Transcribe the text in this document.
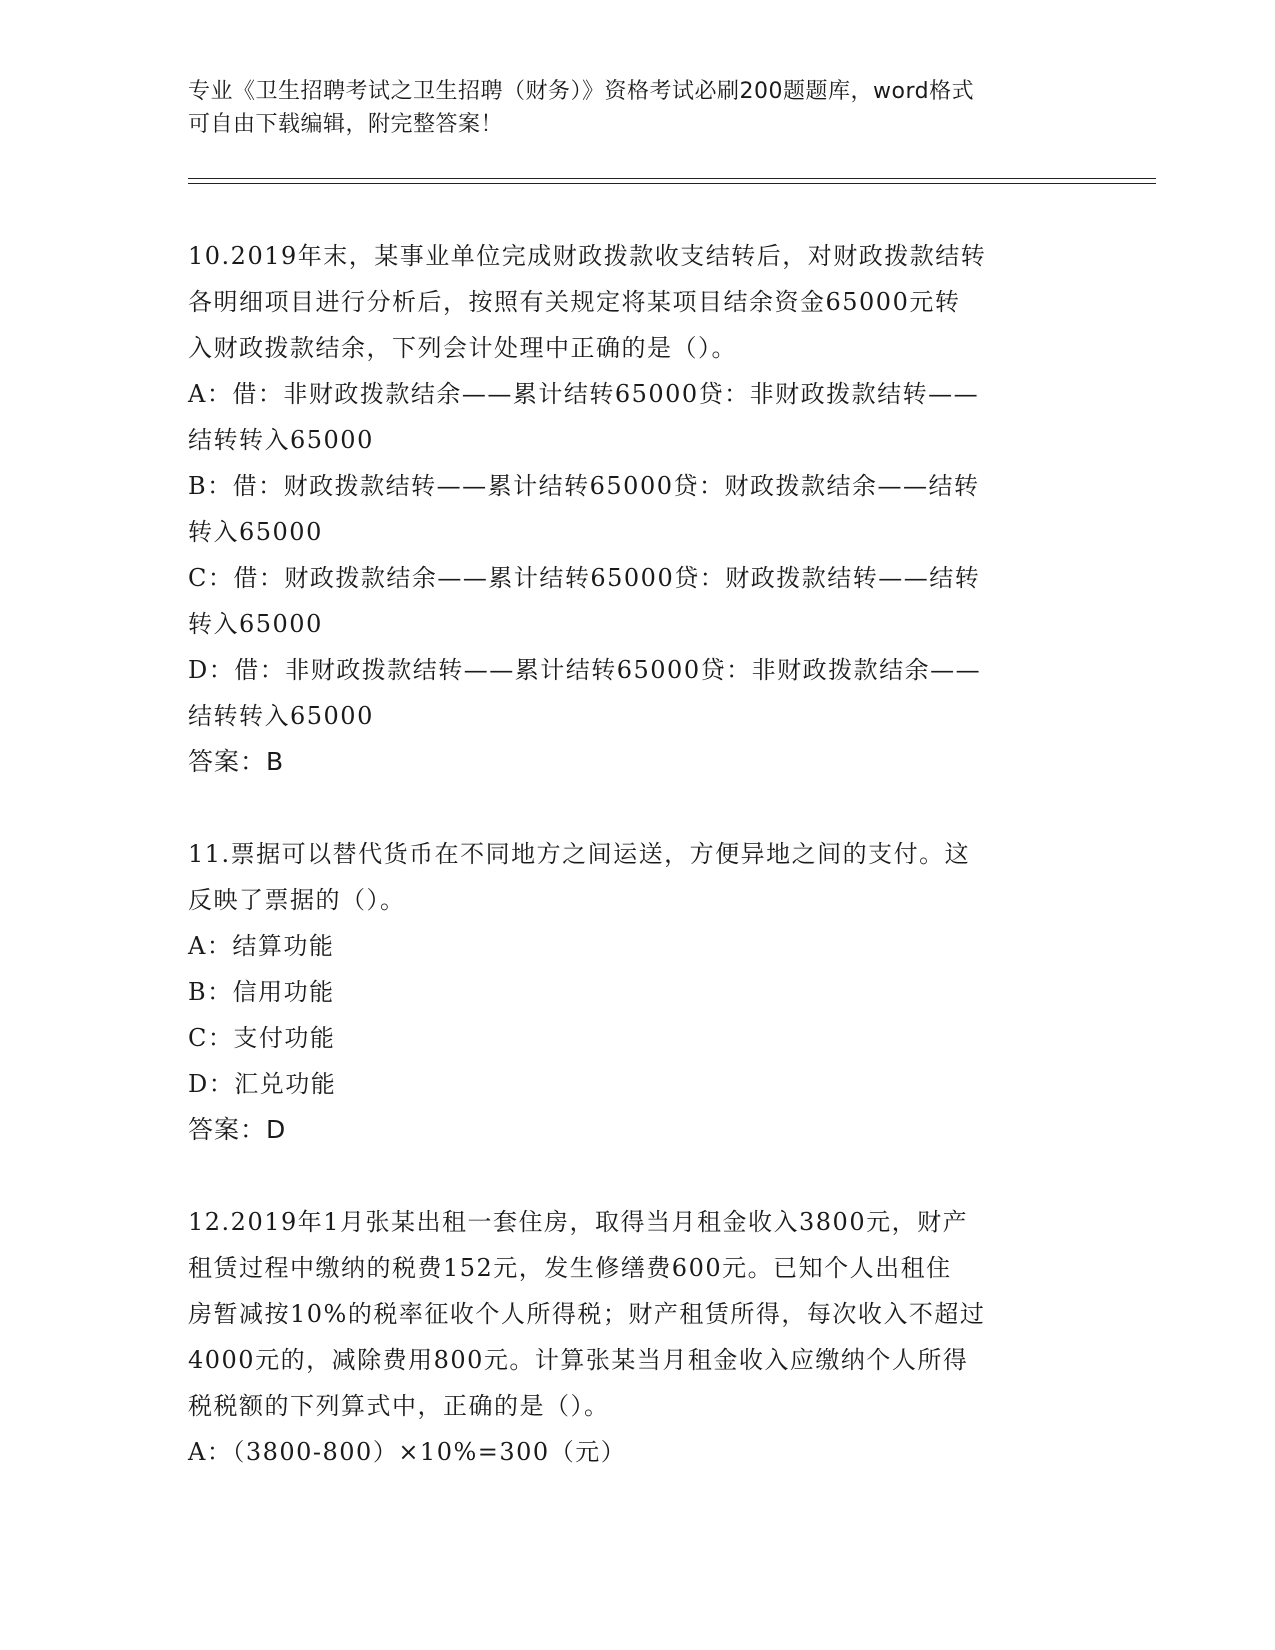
专业《卫生招聘考试之卫生招聘（财务）》资格考试必刷200题题库，word格式
可自由下载编辑，附完整答案！
10.2019年末，某事业单位完成财政拨款收支结转后，对财政拨款结转
各明细项目进行分析后，按照有关规定将某项目结余资金65000元转
入财政拨款结余，下列会计处理中正确的是（）。
A：借：非财政拨款结余——累计结转65000贷：非财政拨款结转——
结转转入65000
B：借：财政拨款结转——累计结转65000贷：财政拨款结余——结转
转入65000
C：借：财政拨款结余——累计结转65000贷：财政拨款结转——结转
转入65000
D：借：非财政拨款结转——累计结转65000贷：非财政拨款结余——
结转转入65000
答案：B
11.票据可以替代货币在不同地方之间运送，方便异地之间的支付。这
反映了票据的（）。
A：结算功能
B：信用功能
C：支付功能
D：汇兑功能
答案：D
12.2019年1月张某出租一套住房，取得当月租金收入3800元，财产
租赁过程中缴纳的税费152元，发生修缮费600元。已知个人出租住
房暂减按10%的税率征收个人所得税；财产租赁所得，每次收入不超过
4000元的，减除费用800元。计算张某当月租金收入应缴纳个人所得
税税额的下列算式中，正确的是（）。
A：（3800-800）×10%=300（元）
